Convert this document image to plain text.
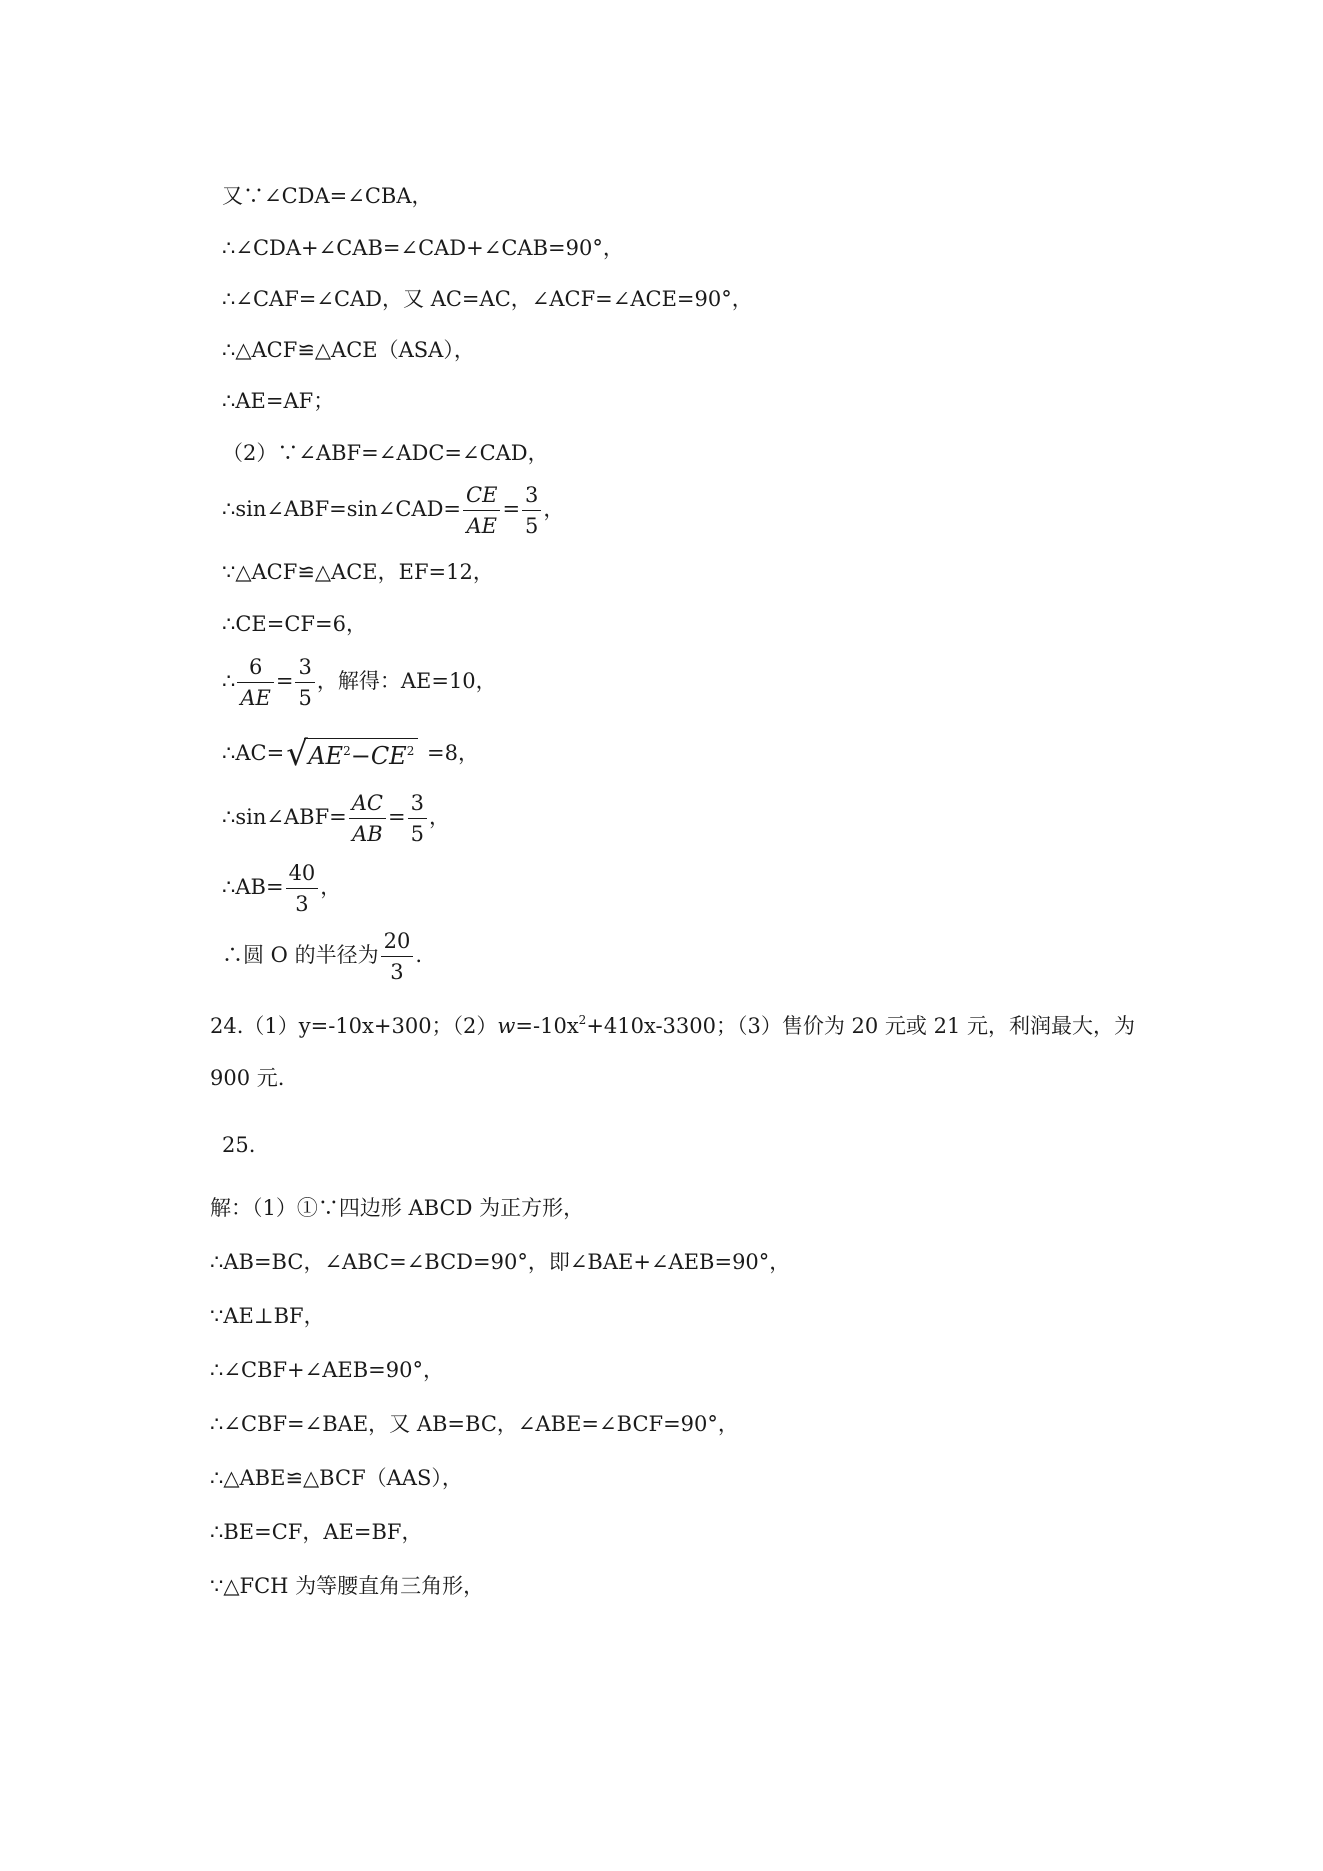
又∵∠CDA=∠CBA，
∴∠CDA+∠CAB=∠CAD+∠CAB=90°，
∴∠CAF=∠CAD，又 AC=AC，∠ACF=∠ACE=90°，
∴△ACF≌△ACE（ASA），
∴AE=AF；
（2）∵∠ABF=∠ADC=∠CAD，
∴sin∠ABF=sin∠CAD= $\frac{CE}{AE} = \frac{3}{5}$ ，
∵△ACF≌△ACE，EF=12，
∴CE=CF=6，
∴ $\frac{6}{AE} = \frac{3}{5}$ ，解得：AE=10，
∴AC= √ $AE^2-CE^2 =8$，
∴sin∠ABF= $\frac{AC}{AB} = \frac{3}{5}$ ，
∴AB= $\frac{40}{3}$ ，
∴圆 O 的半径为 $\frac{20}{3}$ .
24.（1）y=-10x+300；$(2)w=-10x^2+410x-3300$；（3）售价为 20 元或 21 元，利润最大，为
900 元.
25.
解：（1）①∵四边形 ABCD 为正方形，
∴AB=BC，∠ABC=∠BCD=90°，即∠BAE+∠AEB=90°，
∵AE⊥BF，
∴∠CBF+∠AEB=90°，
∴∠CBF=∠BAE，又 AB=BC，∠ABE=∠BCF=90°，
∴△ABE≌△BCF（AAS），
∴BE=CF，AE=BF，
∵△FCH 为等腰直角三角形，
